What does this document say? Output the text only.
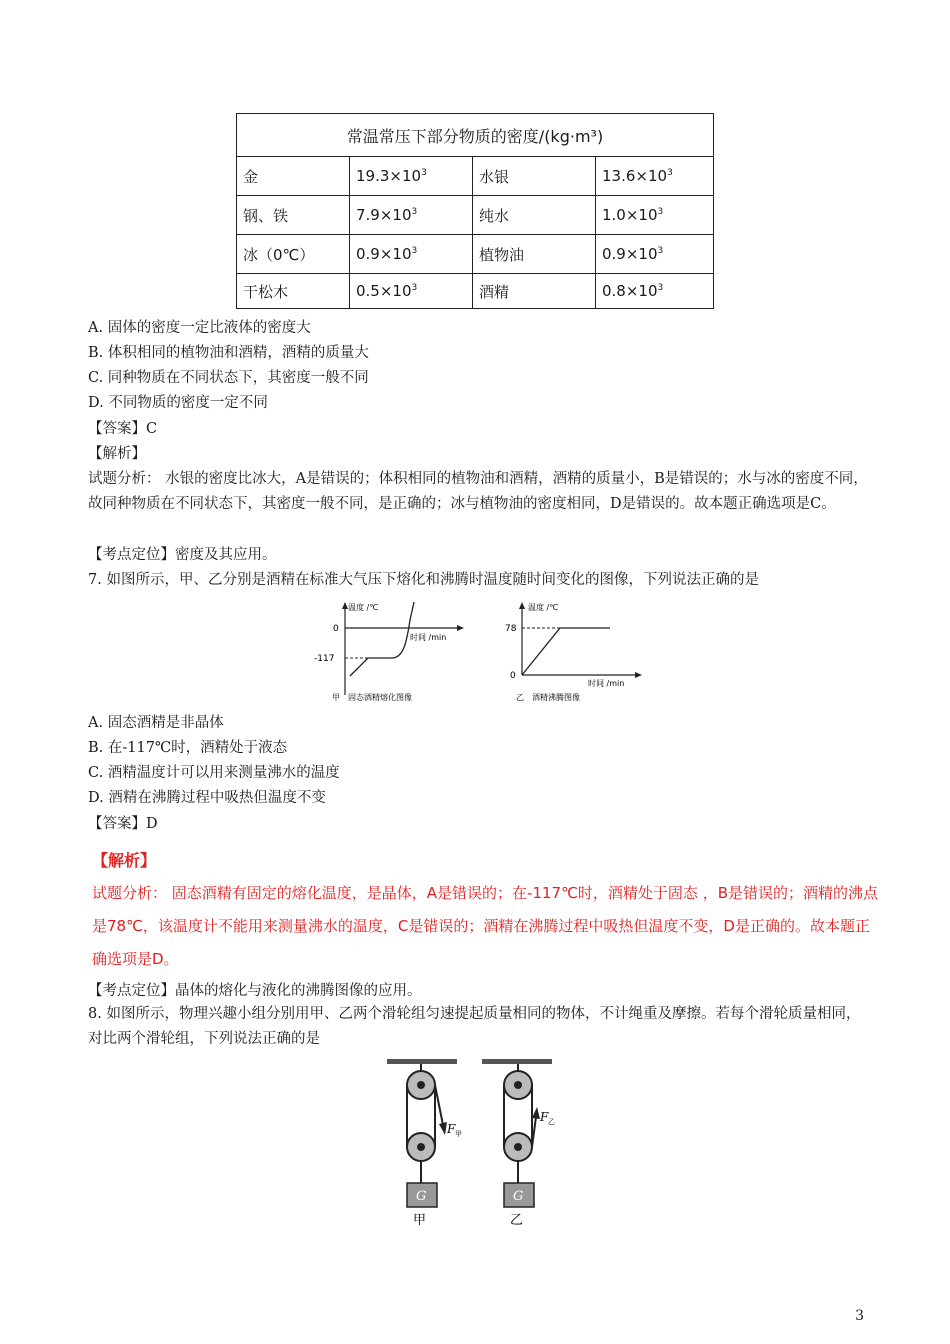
常温常压下部分物质的密度/(kg·m³)			
金	$19.3\times 10^3$	水银	$13.6\times 10^3$
钢、铁	$7.9\times 10^3$	纯水	$1.0\times 10^3$
冰（0℃）	$0.9\times 10^3$	植物油	$0.9\times 10^3$
干松木	$0.5\times 10^3$	酒精	$0.8\times 10^3$
A. 固体的密度一定比液体的密度大
B. 体积相同的植物油和酒精，酒精的质量大
C. 同种物质在不同状态下，其密度一般不同
D. 不同物质的密度一定不同
【答案】C
【解析】
试题分析： 水银的密度比冰大，A是错误的；体积相同的植物油和酒精，酒精的质量小，B是错误的；水与冰的密度不同，故同种物质在不同状态下，其密度一般不同，是正确的；冰与植物油的密度相同，D是错误的。故本题正确选项是C。
【考点定位】密度及其应用。
7. 如图所示，甲、乙分别是酒精在标准大气压下熔化和沸腾时温度随时间变化的图像，下列说法正确的是
温度 /℃
时间 /min
0
-117
甲　固态酒精熔化图像
温度 /℃
时间 /min
0
78
乙　酒精沸腾图像
A. 固态酒精是非晶体
B. 在-117℃时，酒精处于液态
C. 酒精温度计可以用来测量沸水的温度
D. 酒精在沸腾过程中吸热但温度不变
【答案】D
【解析】
试题分析： 固态酒精有固定的熔化温度，是晶体，A是错误的；在-117℃时，酒精处于固态 ，B是错误的；酒精的沸点是78℃，该温度计不能用来测量沸水的温度，C是错误的；酒精在沸腾过程中吸热但温度不变，D是正确的。故本题正确选项是D。
【考点定位】晶体的熔化与液化的沸腾图像的应用。
8. 如图所示，物理兴趣小组分别用甲、乙两个滑轮组匀速提起质量相同的物体，不计绳重及摩擦。若每个滑轮质量相同，对比两个滑轮组，下列说法正确的是
F 甲
G
甲
F 乙
G
乙
3
